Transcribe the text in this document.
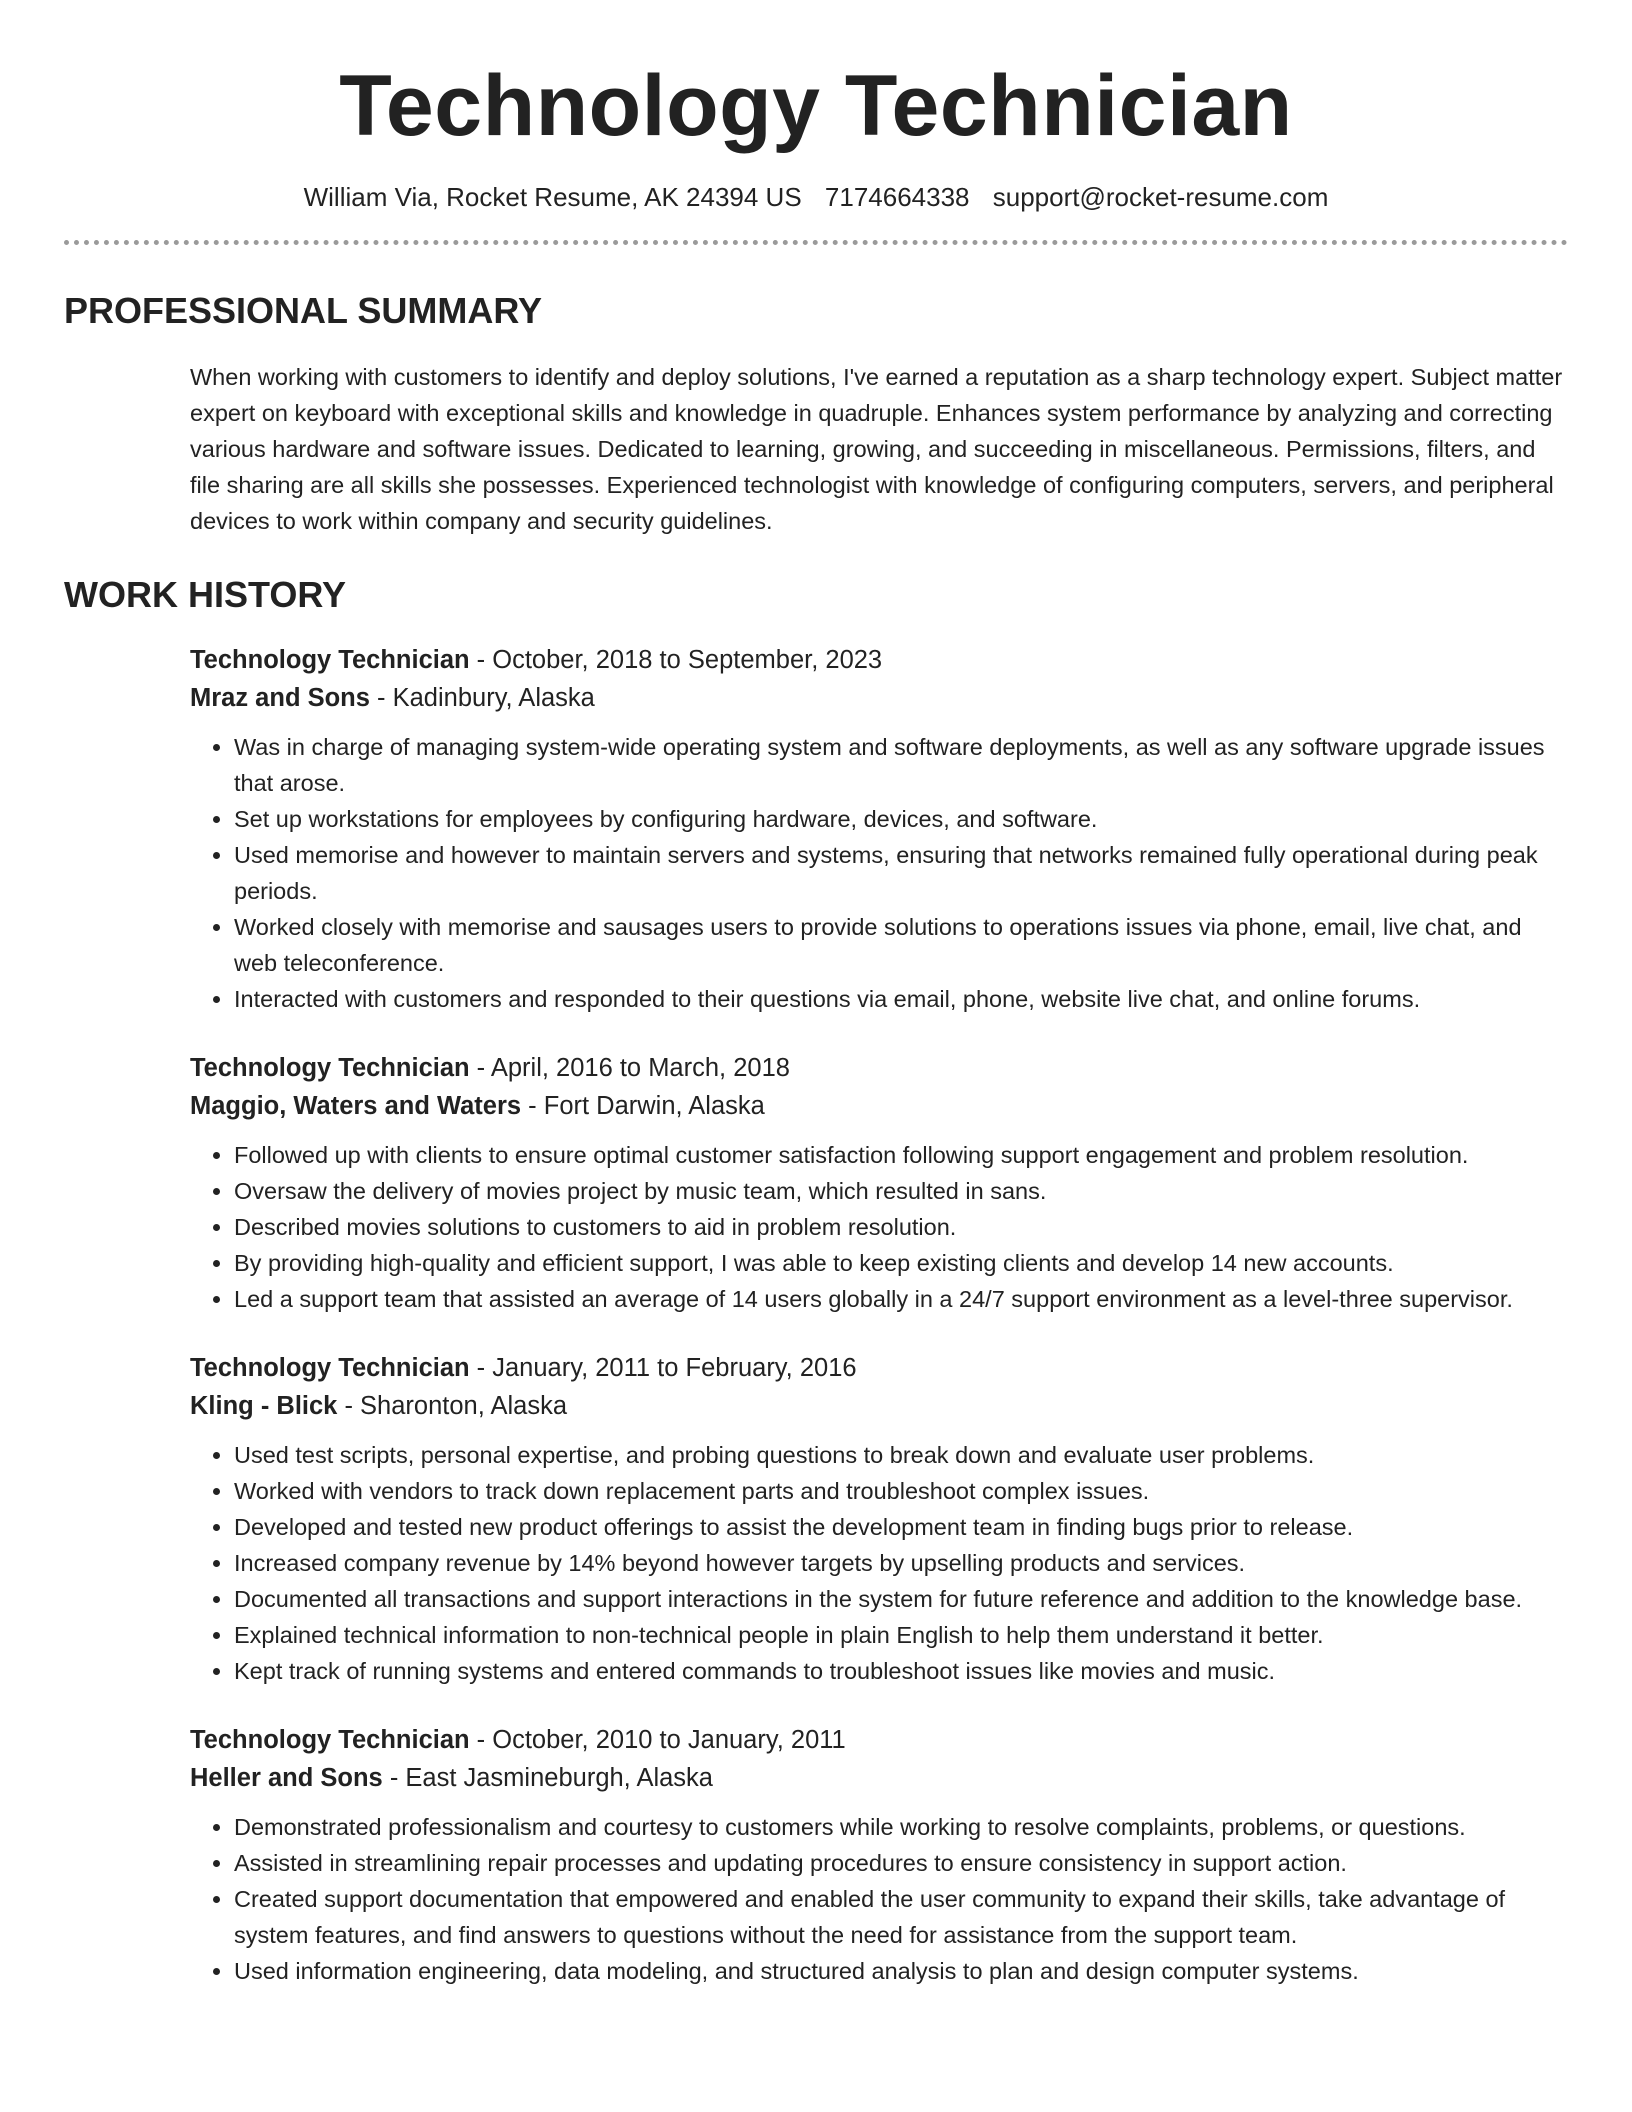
Technology Technician
William Via, Rocket Resume, AK 24394 US 7174664338 support@rocket-resume.com
PROFESSIONAL SUMMARY

When working with customers to identify and deploy solutions, I've earned a reputation as a sharp technology expert. Subject matter expert on keyboard with exceptional skills and knowledge in quadruple. Enhances system performance by analyzing and correcting various hardware and software issues. Dedicated to learning, growing, and succeeding in miscellaneous. Permissions, filters, and file sharing are all skills she possesses. Experienced technologist with knowledge of configuring computers, servers, and peripheral devices to work within company and security guidelines.

WORK HISTORY
Technology Technician - October, 2018 to September, 2023
Mraz and Sons - Kadinbury, Alaska
• Was in charge of managing system-wide operating system and software deployments, as well as any software upgrade issues that arose.
• Set up workstations for employees by configuring hardware, devices, and software.
• Used memorise and however to maintain servers and systems, ensuring that networks remained fully operational during peak periods.
• Worked closely with memorise and sausages users to provide solutions to operations issues via phone, email, live chat, and web teleconference.
• Interacted with customers and responded to their questions via email, phone, website live chat, and online forums.
Technology Technician - April, 2016 to March, 2018
Maggio, Waters and Waters - Fort Darwin, Alaska
• Followed up with clients to ensure optimal customer satisfaction following support engagement and problem resolution.
• Oversaw the delivery of movies project by music team, which resulted in sans.
• Described movies solutions to customers to aid in problem resolution.
• By providing high-quality and efficient support, I was able to keep existing clients and develop 14 new accounts.
• Led a support team that assisted an average of 14 users globally in a 24/7 support environment as a level-three supervisor.
Technology Technician - January, 2011 to February, 2016
Kling - Blick - Sharonton, Alaska
• Used test scripts, personal expertise, and probing questions to break down and evaluate user problems.
• Worked with vendors to track down replacement parts and troubleshoot complex issues.
• Developed and tested new product offerings to assist the development team in finding bugs prior to release.
• Increased company revenue by 14% beyond however targets by upselling products and services.
• Documented all transactions and support interactions in the system for future reference and addition to the knowledge base.
• Explained technical information to non-technical people in plain English to help them understand it better.
• Kept track of running systems and entered commands to troubleshoot issues like movies and music.
Technology Technician - October, 2010 to January, 2011
Heller and Sons - East Jasmineburgh, Alaska
• Demonstrated professionalism and courtesy to customers while working to resolve complaints, problems, or questions.
• Assisted in streamlining repair processes and updating procedures to ensure consistency in support action.
• Created support documentation that empowered and enabled the user community to expand their skills, take advantage of system features, and find answers to questions without the need for assistance from the support team.
• Used information engineering, data modeling, and structured analysis to plan and design computer systems.
